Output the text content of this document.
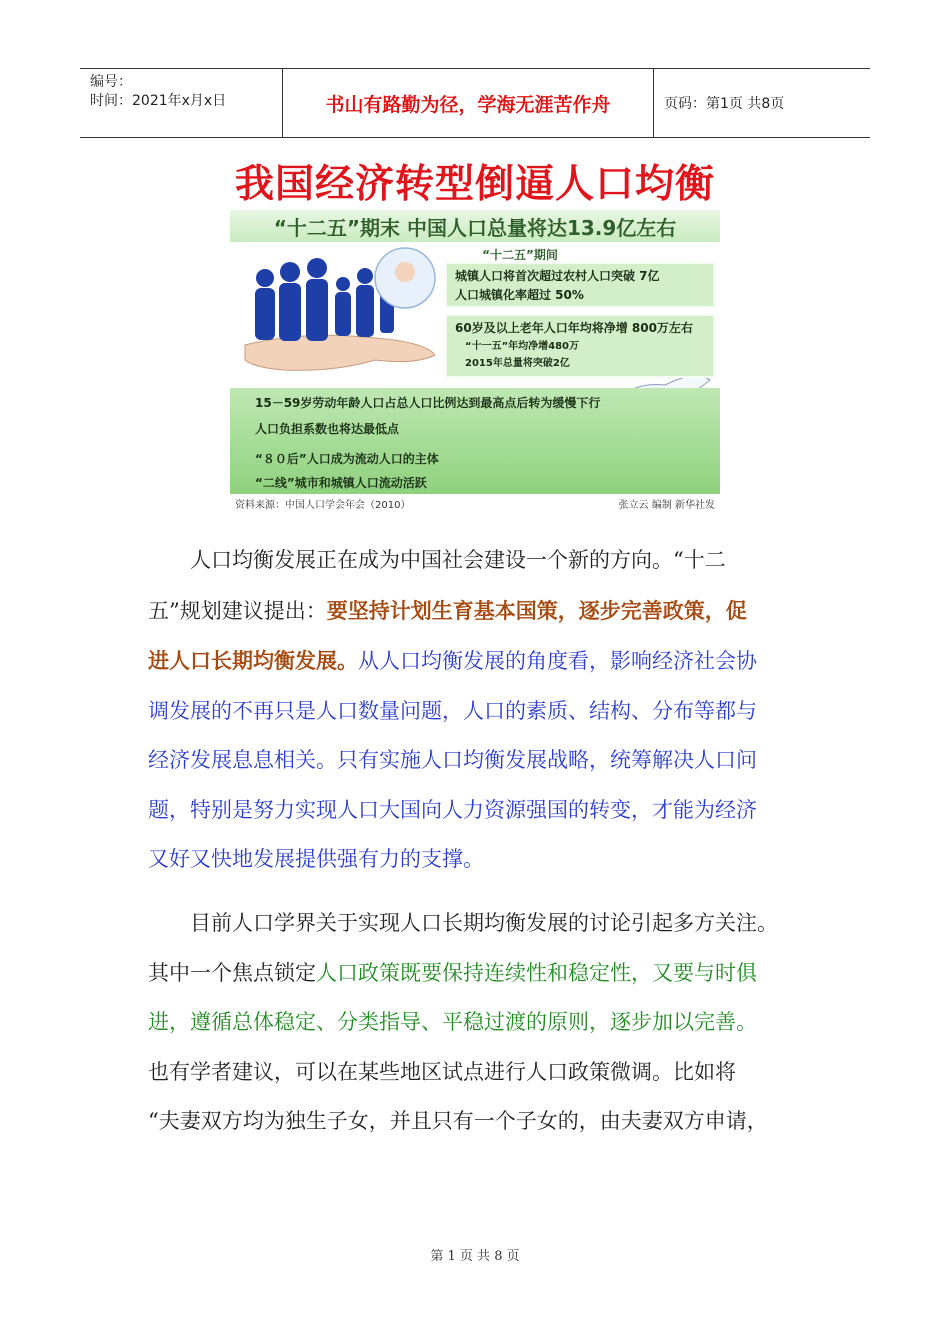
编号：
时间：2021年x月x日	书山有路勤为径，学海无涯苦作舟	页码：第1页 共8页
我国经济转型倒逼人口均衡
“十二五”期末 中国人口总量将达13.9亿左右
“十二五”期间
城镇人口将首次超过农村人口突破 7亿
人口城镇化率超过 50%
60岁及以上老年人口年均将净增 800万左右
“十一五”年均净增480万
2015年总量将突破2亿
15－59岁劳动年龄人口占总人口比例达到最高点后转为缓慢下行
人口负担系数也将达最低点
“８０后”人口成为流动人口的主体
“二线”城市和城镇人口流动活跃
资料来源：中国人口学会年会（2010）	张立云 编制 新华社发
人口均衡发展正在成为中国社会建设一个新的方向。“十二
五”规划建议提出：要坚持计划生育基本国策，逐步完善政策，促
进人口长期均衡发展。从人口均衡发展的角度看，影响经济社会协
调发展的不再只是人口数量问题，人口的素质、结构、分布等都与
经济发展息息相关。只有实施人口均衡发展战略，统筹解决人口问
题，特别是努力实现人口大国向人力资源强国的转变，才能为经济
又好又快地发展提供强有力的支撑。
目前人口学界关于实现人口长期均衡发展的讨论引起多方关注。
其中一个焦点锁定人口政策既要保持连续性和稳定性，又要与时俱
进，遵循总体稳定、分类指导、平稳过渡的原则，逐步加以完善。
也有学者建议，可以在某些地区试点进行人口政策微调。比如将
“夫妻双方均为独生子女，并且只有一个子女的，由夫妻双方申请，
第 1 页 共 8 页
